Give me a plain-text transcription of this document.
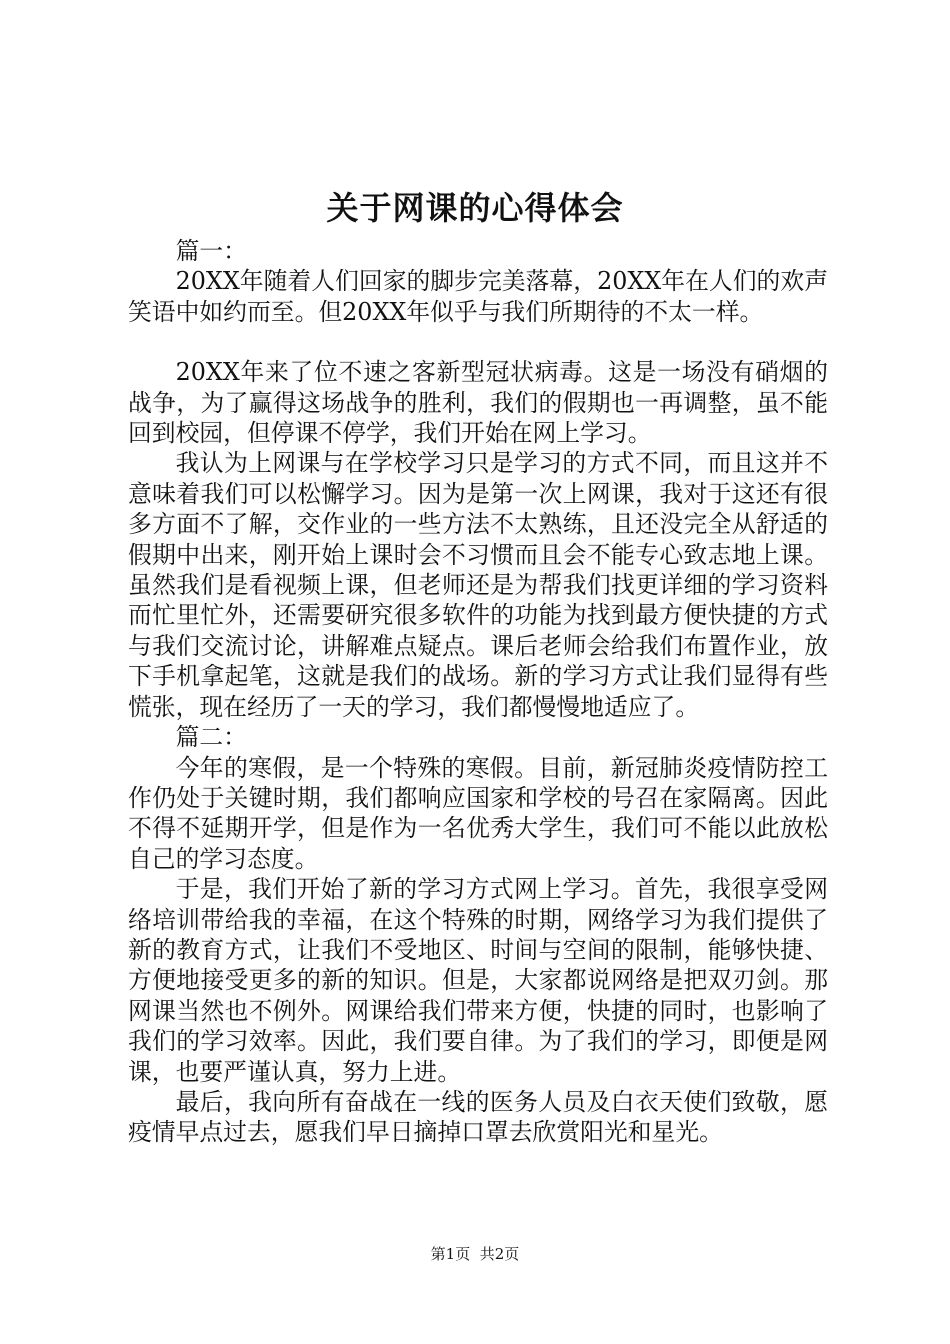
关于网课的心得体会

篇一：

20XX年随着人们回家的脚步完美落幕，20XX年在人们的欢声笑语中如约而至。但20XX年似乎与我们所期待的不太一样。

20XX年来了位不速之客新型冠状病毒。这是一场没有硝烟的战争，为了赢得这场战争的胜利，我们的假期也一再调整，虽不能回到校园，但停课不停学，我们开始在网上学习。

我认为上网课与在学校学习只是学习的方式不同，而且这并不意味着我们可以松懈学习。因为是第一次上网课，我对于这还有很多方面不了解，交作业的一些方法不太熟练，且还没完全从舒适的假期中出来，刚开始上课时会不习惯而且会不能专心致志地上课。虽然我们是看视频上课，但老师还是为帮我们找更详细的学习资料而忙里忙外，还需要研究很多软件的功能为找到最方便快捷的方式与我们交流讨论，讲解难点疑点。课后老师会给我们布置作业，放下手机拿起笔，这就是我们的战场。新的学习方式让我们显得有些慌张，现在经历了一天的学习，我们都慢慢地适应了。

篇二：

今年的寒假，是一个特殊的寒假。目前，新冠肺炎疫情防控工作仍处于关键时期，我们都响应国家和学校的号召在家隔离。因此不得不延期开学，但是作为一名优秀大学生，我们可不能以此放松自己的学习态度。

于是，我们开始了新的学习方式网上学习。首先，我很享受网络培训带给我的幸福，在这个特殊的时期，网络学习为我们提供了新的教育方式，让我们不受地区、时间与空间的限制，能够快捷、方便地接受更多的新的知识。但是，大家都说网络是把双刃剑。那网课当然也不例外。网课给我们带来方便，快捷的同时，也影响了我们的学习效率。因此，我们要自律。为了我们的学习，即便是网课，也要严谨认真，努力上进。

最后，我向所有奋战在一线的医务人员及白衣天使们致敬，愿疫情早点过去，愿我们早日摘掉口罩去欣赏阳光和星光。

第1页 共2页
